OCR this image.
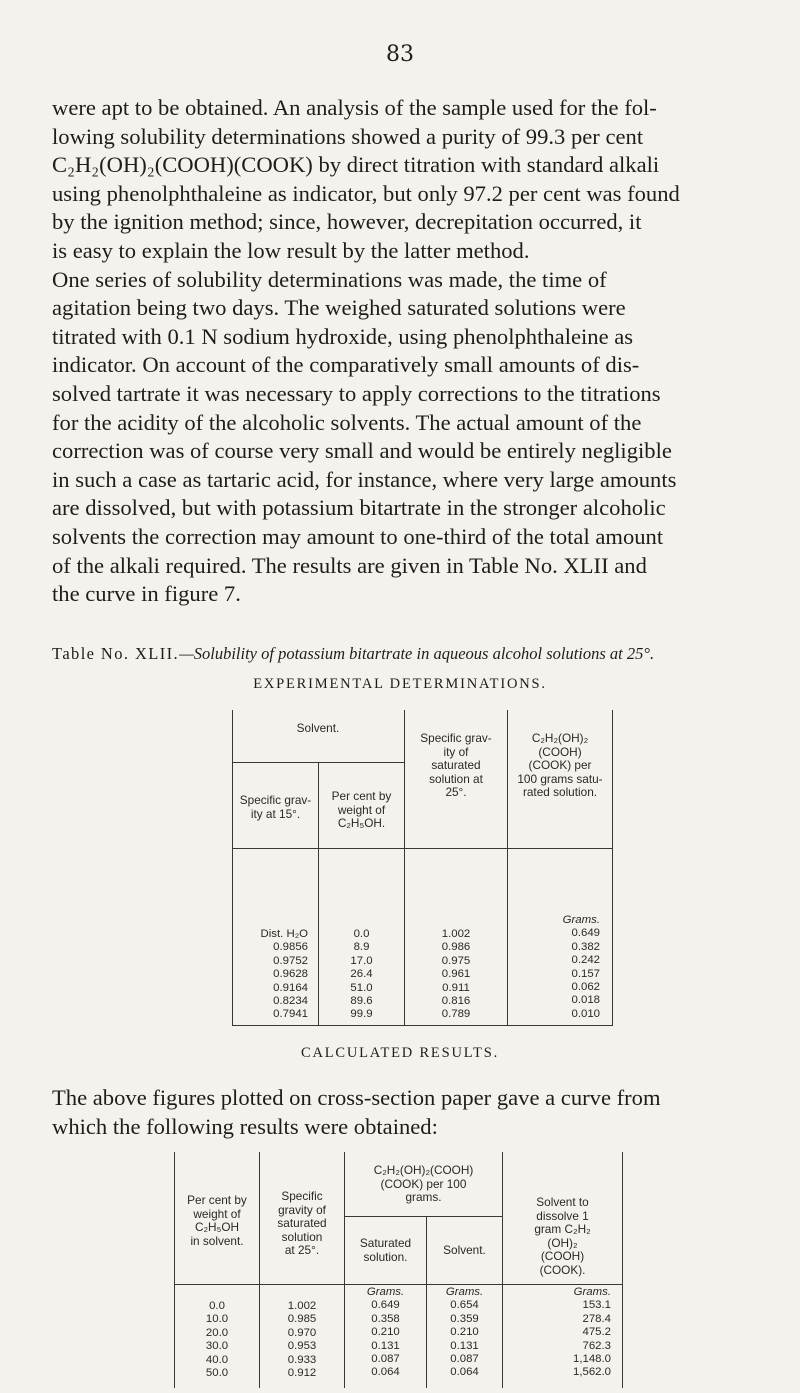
83

were apt to be obtained. An analysis of the sample used for the fol-
lowing solubility determinations showed a purity of 99.3 per cent
C₂H₂(OH)₂(COOH)(COOK) by direct titration with standard alkali
using phenolphthaleine as indicator, but only 97.2 per cent was found
by the ignition method; since, however, decrepitation occurred, it
is easy to explain the low result by the latter method.
One series of solubility determinations was made, the time of
agitation being two days. The weighed saturated solutions were
titrated with 0.1 N sodium hydroxide, using phenolphthaleine as
indicator. On account of the comparatively small amounts of dis-
solved tartrate it was necessary to apply corrections to the titrations
for the acidity of the alcoholic solvents. The actual amount of the
correction was of course very small and would be entirely negligible
in such a case as tartaric acid, for instance, where very large amounts
are dissolved, but with potassium bitartrate in the stronger alcoholic
solvents the correction may amount to one-third of the total amount
of the alkali required. The results are given in Table No. XLII and
the curve in figure 7.

Table No. XLII.—Solubility of potassium bitartrate in aqueous alcohol solutions at 25°.
EXPERIMENTAL DETERMINATIONS.
Solvent.
Specific grav-
ity at 15°.
Per cent by
weight of
C₂H₅OH.
Specific grav-
ity of
saturated
solution at
25°.
C₂H₂(OH)₂
(COOH)
(COOK) per
100 grams satu-
rated solution.
Dist. H₂O
0.9856
0.9752
0.9628
0.9164
0.8234
0.7941
0.0
8.9
17.0
26.4
51.0
89.6
99.9
1.002
0.986
0.975
0.961
0.911
0.816
0.789
Grams.
0.649
0.382
0.242
0.157
0.062
0.018
0.010
CALCULATED RESULTS.
The above figures plotted on cross-section paper gave a curve from
which the following results were obtained:
Per cent by
weight of
C₂H₅OH
in solvent.
Specific
gravity of
saturated
solution
at 25°.
C₂H₂(OH)₂(COOH)
(COOK) per 100
grams.
Saturated
solution.	Solvent.
Solvent to
dissolve 1
gram C₂H₂
(OH)₂
(COOH)
(COOK).
0.0
10.0
20.0
30.0
40.0
50.0
1.002
0.985
0.970
0.953
0.933
0.912
Grams.
0.649
0.358
0.210
0.131
0.087
0.064
Grams.
0.654
0.359
0.210
0.131
0.087
0.064
Grams.
153.1
278.4
475.2
762.3
1,148.0
1,562.0
